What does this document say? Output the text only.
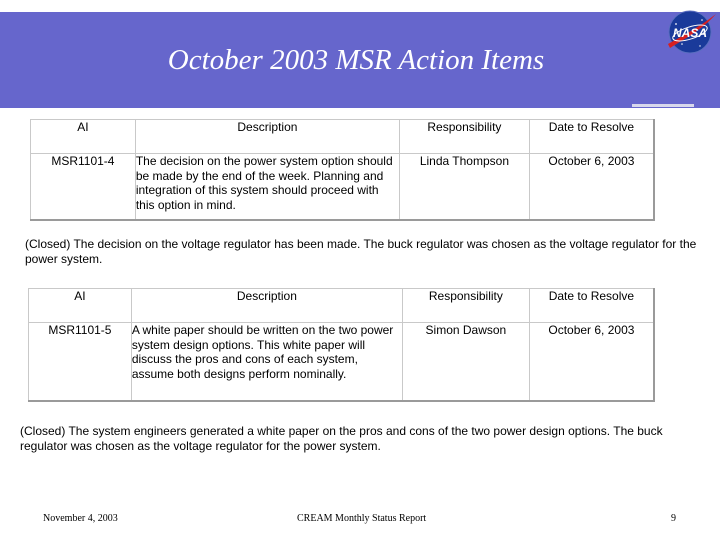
October 2003 MSR Action Items
NASA
AI	Description	Responsibility	Date to Resolve
MSR1101-4	The decision on the power system option should be made by the end of the week. Planning and integration of this system should proceed with this option in mind.	Linda Thompson	October 6, 2003
(Closed) The decision on the voltage regulator has been made. The buck regulator was chosen as the voltage regulator for the power system.
AI	Description	Responsibility	Date to Resolve
MSR1101-5	A white paper should be written on the two power system design options. This white paper will discuss the pros and cons of each system, assume both designs perform nominally.	Simon Dawson	October 6, 2003
(Closed) The system engineers generated a white paper on the pros and cons of the two power design options. The buck regulator was chosen as the voltage regulator for the power system.
November 4, 2003	CREAM Monthly Status Report	9
